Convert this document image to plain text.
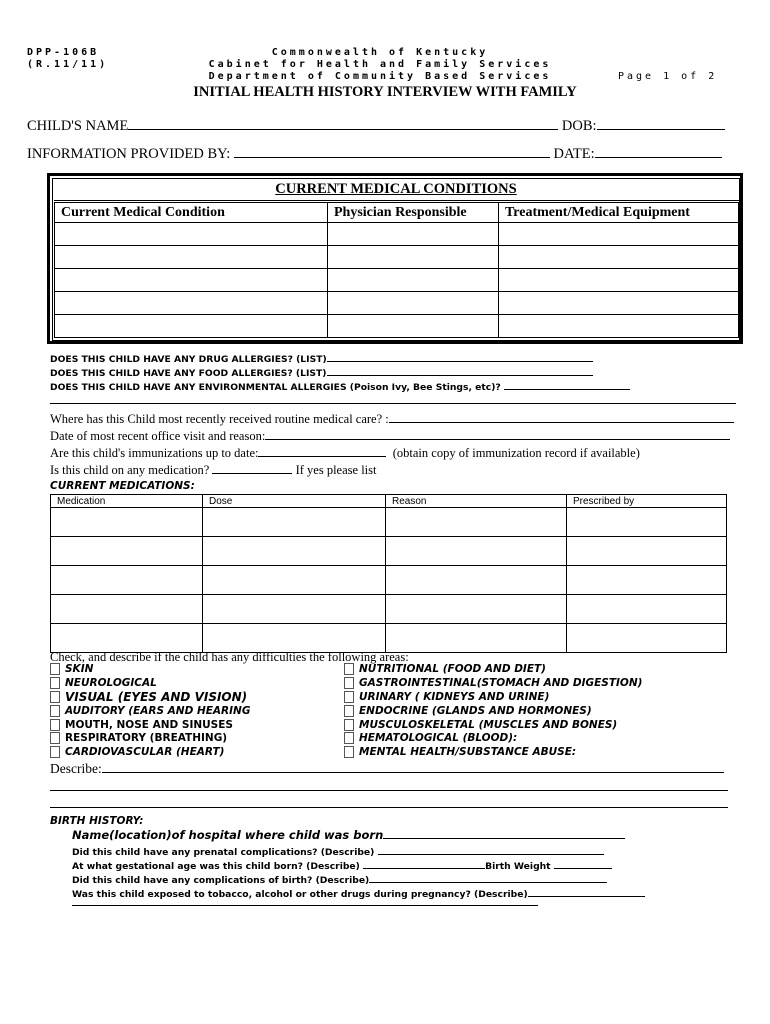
DPP-106B
(R.11/11)
Commonwealth of Kentucky
Cabinet for Health and Family Services
Department of Community Based Services	Page 1 of 2
INITIAL HEALTH HISTORY INTERVIEW WITH FAMILY
CHILD'S NAME	DOB:
INFORMATION PROVIDED BY:	DATE:
CURRENT MEDICAL CONDITIONS
Current Medical Condition	Physician Responsible	Treatment/Medical Equipment

DOES THIS CHILD HAVE ANY DRUG ALLERGIES? (LIST)
DOES THIS CHILD HAVE ANY FOOD ALLERGIES? (LIST)
DOES THIS CHILD HAVE ANY ENVIRONMENTAL ALLERGIES (Poison Ivy, Bee Stings, etc)?
Where has this Child most recently received routine medical care? :
Date of most recent office visit and reason:
Are this child's immunizations up to date:	(obtain copy of immunization record if available)
Is this child on any medication?	If yes please list
CURRENT MEDICATIONS:
Medication	Dose	Reason	Prescribed by

Check, and describe if the child has any difficulties the following areas:
SKIN
NEUROLOGICAL
VISUAL (EYES AND VISION)
AUDITORY (EARS AND HEARING
MOUTH, NOSE AND SINUSES
RESPIRATORY (BREATHING)
CARDIOVASCULAR (HEART)
NUTRITIONAL (FOOD AND DIET)
GASTROINTESTINAL(STOMACH AND DIGESTION)
URINARY ( KIDNEYS AND URINE)
ENDOCRINE (GLANDS AND HORMONES)
MUSCULOSKELETAL (MUSCLES AND BONES)
HEMATOLOGICAL (BLOOD):
MENTAL HEALTH/SUBSTANCE ABUSE:
Describe:
BIRTH HISTORY:
Name(location)of hospital where child was born
Did this child have any prenatal complications? (Describe)
At what gestational age was this child born? (Describe)	Birth Weight
Did this child have any complications of birth? (Describe)
Was this child exposed to tobacco, alcohol or other drugs during pregnancy? (Describe)
